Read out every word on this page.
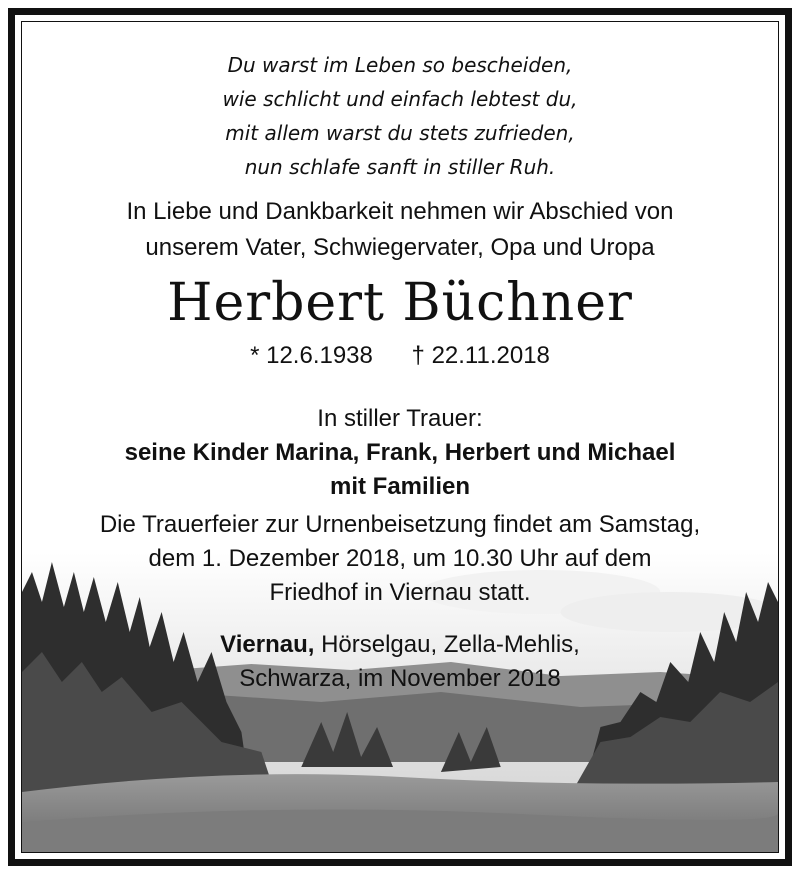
Du warst im Leben so bescheiden,
wie schlicht und einfach lebtest du,
mit allem warst du stets zufrieden,
nun schlafe sanft in stiller Ruh.
In Liebe und Dankbarkeit nehmen wir Abschied von
unserem Vater, Schwiegervater, Opa und Uropa
Herbert Büchner
* 12.6.1938 † 22.11.2018
In stiller Trauer:
seine Kinder Marina, Frank, Herbert und Michael
mit Familien
Die Trauerfeier zur Urnenbeisetzung findet am Samstag,
dem 1. Dezember 2018, um 10.30 Uhr auf dem
Friedhof in Viernau statt.
Viernau, Hörselgau, Zella-Mehlis,
Schwarza, im November 2018
